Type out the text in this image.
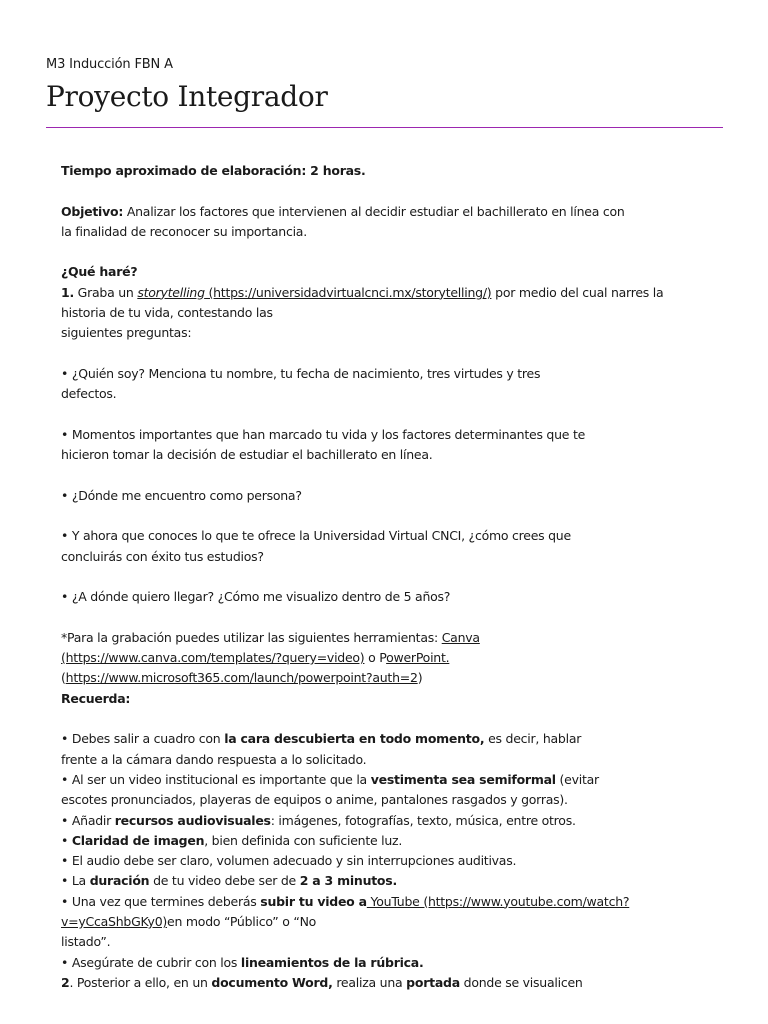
M3 Inducción FBN A
Proyecto Integrador
Tiempo aproximado de elaboración: 2 horas.
Objetivo: Analizar los factores que intervienen al decidir estudiar el bachillerato en línea con
la finalidad de reconocer su importancia.
¿Qué haré?
1. Graba un storytelling (https://universidadvirtualcnci.mx/storytelling/) por medio del cual narres la
historia de tu vida, contestando las
siguientes preguntas:
• ¿Quién soy? Menciona tu nombre, tu fecha de nacimiento, tres virtudes y tres
defectos.
• Momentos importantes que han marcado tu vida y los factores determinantes que te
hicieron tomar la decisión de estudiar el bachillerato en línea.
• ¿Dónde me encuentro como persona?
• Y ahora que conoces lo que te ofrece la Universidad Virtual CNCI, ¿cómo crees que
concluirás con éxito tus estudios?
• ¿A dónde quiero llegar? ¿Cómo me visualizo dentro de 5 años?
*Para la grabación puedes utilizar las siguientes herramientas: Canva
(https://www.canva.com/templates/?query=video) o PowerPoint.
(https://www.microsoft365.com/launch/powerpoint?auth=2)
Recuerda:
• Debes salir a cuadro con la cara descubierta en todo momento, es decir, hablar
frente a la cámara dando respuesta a lo solicitado.
• Al ser un video institucional es importante que la vestimenta sea semiformal (evitar
escotes pronunciados, playeras de equipos o anime, pantalones rasgados y gorras).
• Añadir recursos audiovisuales: imágenes, fotografías, texto, música, entre otros.
• Claridad de imagen, bien definida con suficiente luz.
• El audio debe ser claro, volumen adecuado y sin interrupciones auditivas.
• La duración de tu video debe ser de 2 a 3 minutos.
• Una vez que termines deberás subir tu video a YouTube (https://www.youtube.com/watch?
v=yCcaShbGKy0)en modo “Público” o “No
listado”.
• Asegúrate de cubrir con los lineamientos de la rúbrica.
2. Posterior a ello, en un documento Word, realiza una portada donde se visualicen
